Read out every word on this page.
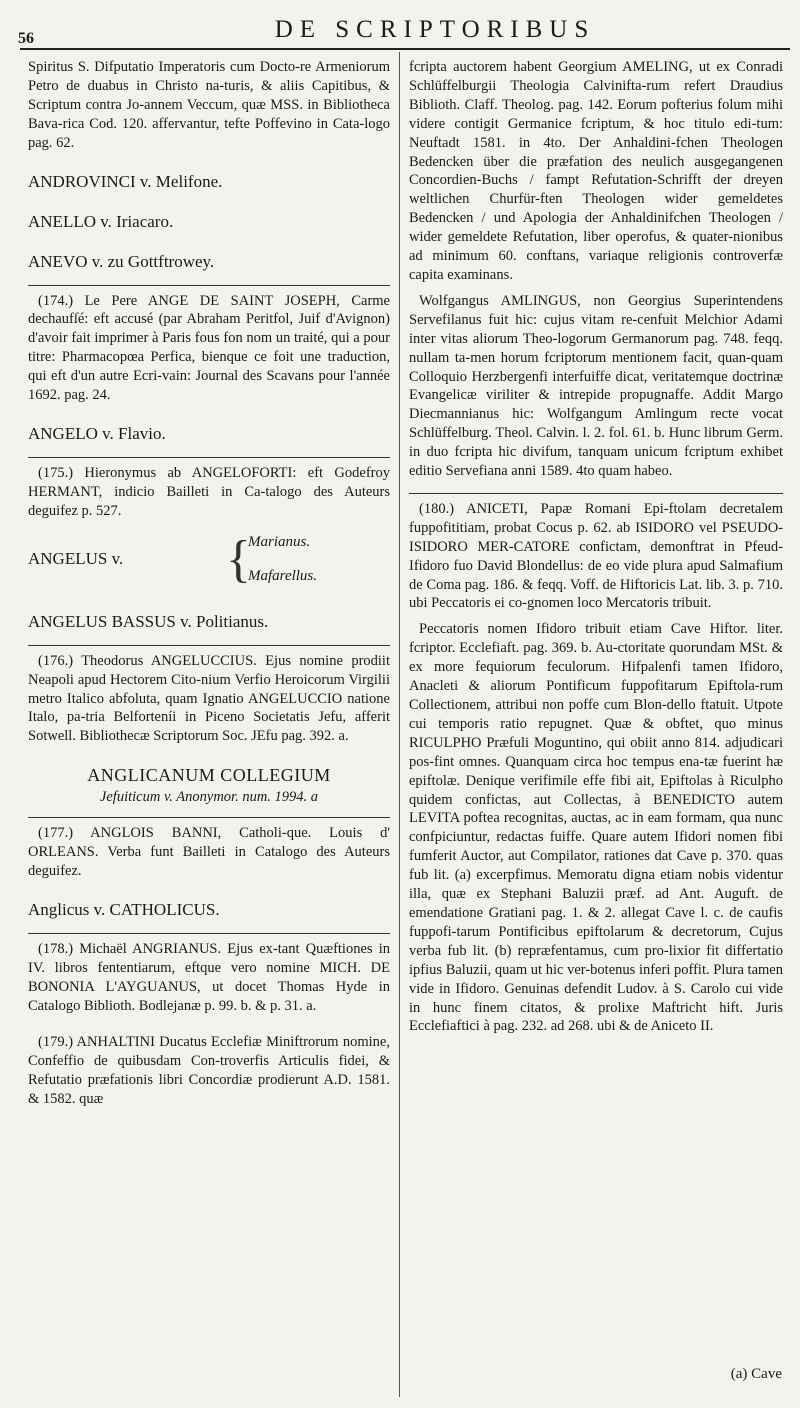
56	DE SCRIPTORIBUS

Spiritus S. Difputatio Imperatoris cum Docto-re Armeniorum Petro de duabus in Christo na-turis, & aliis Capitibus, & Scriptum contra Jo-annem Veccum, quæ MSS. in Bibliotheca Bava-rica Cod. 120. affervantur, tefte Poffevino in Cata-logo pag. 62.

ANDROVINCI v. Melifone.

ANELLO v. Iriacaro.

ANEVO v. zu Gottftrowey.

(174.) Le Pere ANGE DE SAINT JOSEPH, Carme dechaufſé: eft accusé (par Abraham Peritfol, Juif d'Avignon) d'avoir fait imprimer à Paris fous fon nom un traité, qui a pour titre: Pharmacopœa Perfica, bienque ce foit une traduction, qui eft d'un autre Ecri-vain: Journal des Scavans pour l'année 1692. pag. 24.

ANGELO v. Flavio.

(175.) Hieronymus ab ANGELOFORTI: eft Godefroy HERMANT, indicio Bailleti in Ca-talogo des Auteurs deguifez p. 527.

ANGELUS v. {
Marianus.
Mafarellus.

ANGELUS BASSUS v. Politianus.

(176.) Theodorus ANGELUCCIUS. Ejus nomine prodiit Neapoli apud Hectorem Cito-nium Verfio Heroicorum Virgilii metro Italico abfoluta, quam Ignatio ANGELUCCIO natione Italo, pa-tria Belforteníi in Piceno Societatis Jefu, afferit Sotwell. Bibliothecæ Scriptorum Soc. JEfu pag. 392. a.

ANGLICANUM COLLEGIUM

Jefuiticum v. Anonymor. num. 1994. a

(177.) ANGLOIS BANNI, Catholi-que. Louis d' ORLEANS. Verba funt Bailleti in Catalogo des Auteurs deguifez.

Anglicus v. CATHOLICUS.

(178.) Michaël ANGRIANUS. Ejus ex-tant Quæftiones in IV. libros fententiarum, eftque vero nomine MICH. DE BONONIA L'AYGUANUS, ut docet Thomas Hyde in Catalogo Biblioth. Bodlejanæ p. 99. b. & p. 31. a.

(179.) ANHALTINI Ducatus Ecclefiæ Miniftrorum nomine, Confeffio de quibusdam Con-troverfis Articulis fidei, & Refutatio præfationis libri Concordiæ prodierunt A.D. 1581. & 1582. quæ

fcripta auctorem habent Georgium AMELING, ut ex Conradi Schlüffelburgii Theologia Calvinifta-rum refert Draudius Biblioth. Claff. Theolog. pag. 142. Eorum pofterius folum mihi videre contigit Germanice fcriptum, & hoc titulo edi-tum: Neuftadt 1581. in 4to. Der Anhaldini-fchen Theologen Bedencken über die præfation des neulich ausgegangenen Concordien-Buchs / fampt Refutation-Schrifft der dreyen weltlichen Churfür-ften Theologen wider gemeldetes Bedencken / und Apologia der Anhaldinifchen Theologen / wider gemeldete Refutation, liber operofus, & quater-nionibus ad minimum 60. conftans, variaque religionis controverfæ capita examinans.

Wolfgangus AMLINGUS, non Georgius Superintendens Servefilanus fuit hic: cujus vitam re-cenfuit Melchior Adami inter vitas aliorum Theo-logorum Germanorum pag. 748. feqq. nullam ta-men horum fcriptorum mentionem facit, quan-quam Colloquio Herzbergenfi interfuiffe dicat, veritatemque doctrinæ Evangelicæ viriliter & intrepide propugnaffe. Addit Margo Diecmannianus hic: Wolfgangum Amlingum recte vocat Schlüffelburg. Theol. Calvin. l. 2. fol. 61. b. Hunc librum Germ. in duo fcripta hic divifum, tanquam unicum fcriptum exhibet editio Servefiana anni 1589. 4to quam habeo.

(180.) ANICETI, Papæ Romani Epi-ftolam decretalem fuppofititiam, probat Cocus p. 62. ab ISIDORO vel PSEUDO-ISIDORO MER-CATORE confictam, demonftrat in Pfeud-Ifidoro fuo David Blondellus: de eo vide plura apud Salmafium de Coma pag. 186. & feqq. Voff. de Hiftoricis Lat. lib. 3. p. 710. ubi Peccatoris ei co-gnomen loco Mercatoris tribuit.

Peccatoris nomen Ifidoro tribuit etiam Cave Hiftor. liter. fcriptor. Ecclefiaft. pag. 369. b. Au-ctoritate quorundam MSt. & ex more fequiorum feculorum. Hifpalenfi tamen Ifidoro, Anacleti & aliorum Pontificum fuppofitarum Epiftola-rum Collectionem, attribui non poffe cum Blon-dello ftatuit. Utpote cui temporis ratio repugnet. Quæ & obftet, quo minus RICULPHO Præfuli Moguntino, qui obiit anno 814. adjudicari pos-fint omnes. Quanquam circa hoc tempus ena-tæ fuerint hæ epiftolæ. Denique verifimile effe fibi ait, Epiftolas à Riculpho quidem confictas, aut Collectas, à BENEDICTO autem LEVITA poftea recognitas, auctas, ac in eam formam, qua nunc confpiciuntur, redactas fuiffe. Quare autem Ifidori nomen fibi fumferit Auctor, aut Compilator, rationes dat Cave p. 370. quas fub lit. (a) excerpfimus. Memoratu digna etiam nobis videntur illa, quæ ex Stephani Baluzii præf. ad Ant. Auguft. de emendatione Gratiani pag. 1. & 2. allegat Cave l. c. de caufis fuppofi-tarum Pontificibus epiftolarum & decretorum, Cujus verba fub lit. (b) repræfentamus, cum pro-lixior fit differtatio ipfius Baluzii, quam ut hic ver-botenus inferi poffit. Plura tamen vide in Ifidoro. Genuinas defendit Ludov. à S. Carolo cui vide in hunc finem citatos, & prolixe Maftricht hift. Juris Ecclefiaftici à pag. 232. ad 268. ubi & de Aniceto II.

(a) Cave
